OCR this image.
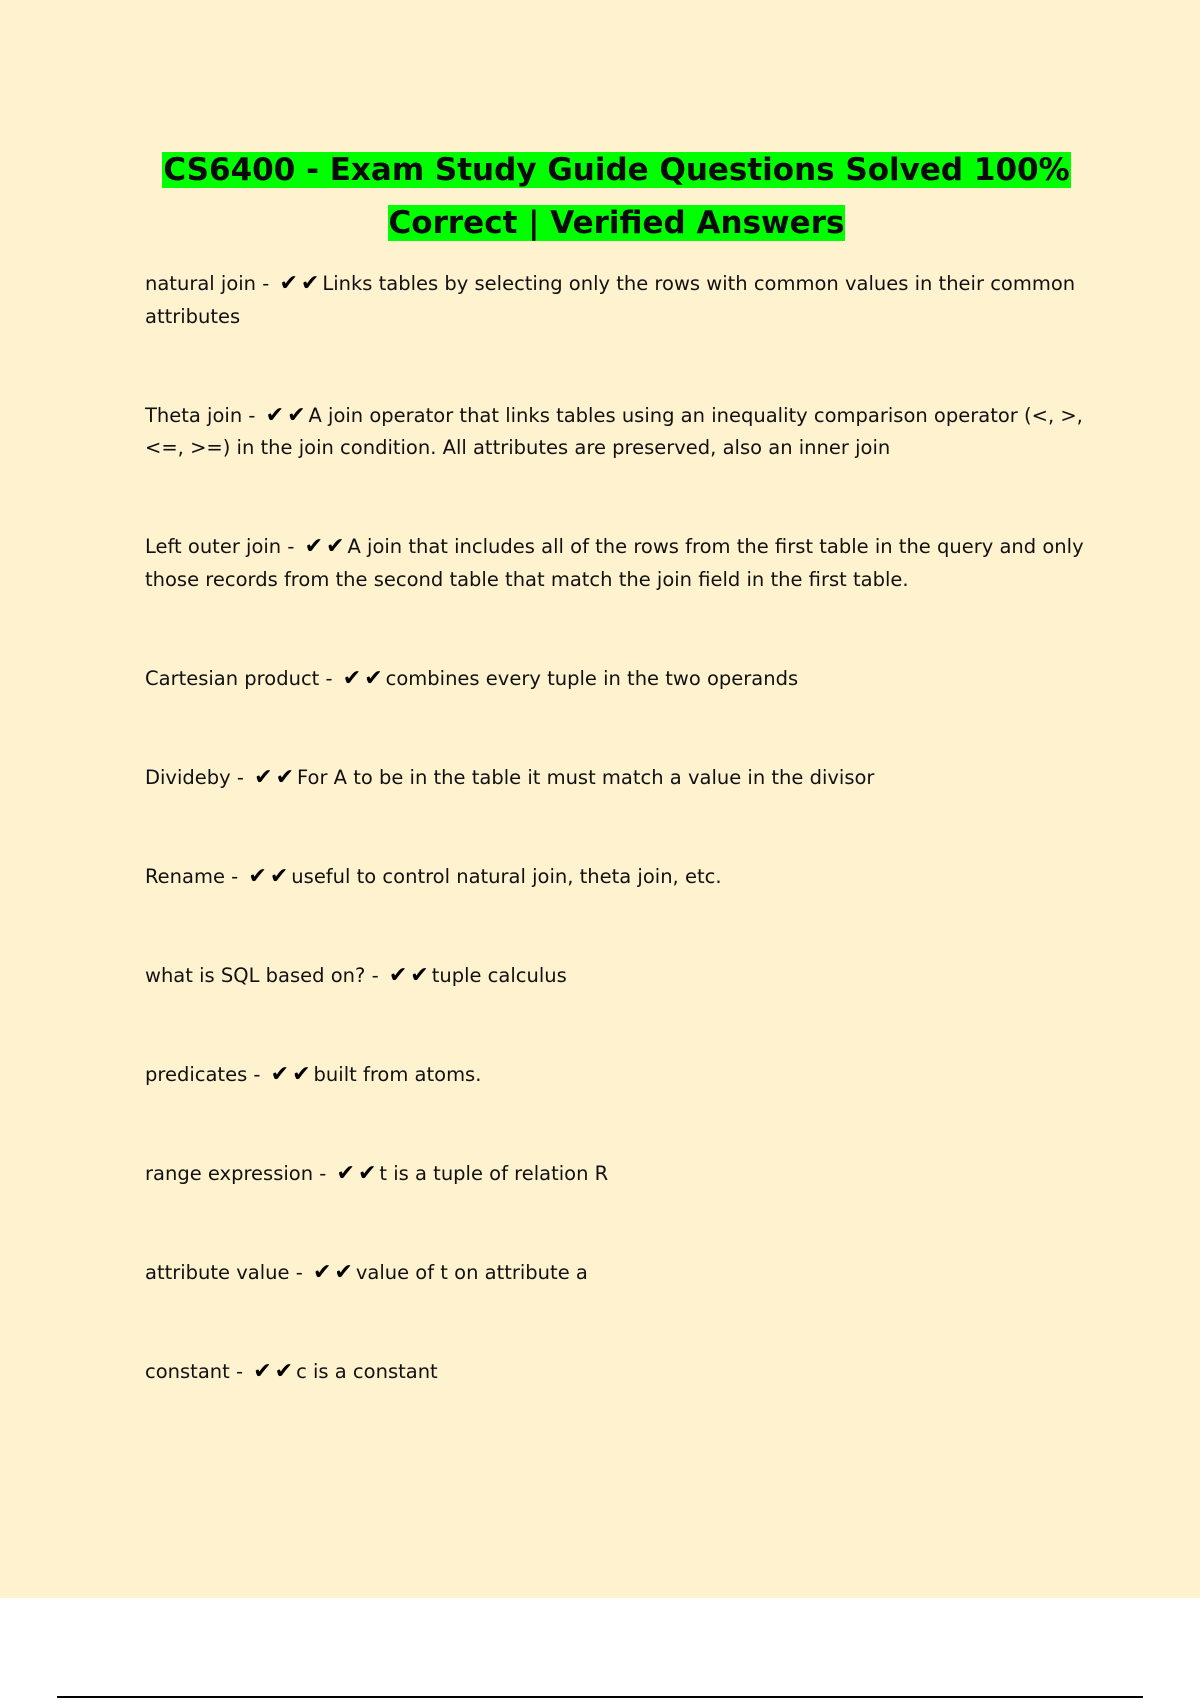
CS6400 - Exam Study Guide Questions Solved 100%
Correct | Verified Answers
natural join - ✔ ✔ Links tables by selecting only the rows with common values in their common attributes
Theta join - ✔ ✔ A join operator that links tables using an inequality comparison operator (<, >, <=, >=) in the join condition. All attributes are preserved, also an inner join
Left outer join - ✔ ✔ A join that includes all of the rows from the first table in the query and only those records from the second table that match the join field in the first table.
Cartesian product - ✔ ✔ combines every tuple in the two operands
Divideby - ✔ ✔ For A to be in the table it must match a value in the divisor
Rename - ✔ ✔ useful to control natural join, theta join, etc.
what is SQL based on? - ✔ ✔ tuple calculus
predicates - ✔ ✔ built from atoms.
range expression - ✔ ✔ t is a tuple of relation R
attribute value - ✔ ✔ value of t on attribute a
constant - ✔ ✔ c is a constant
